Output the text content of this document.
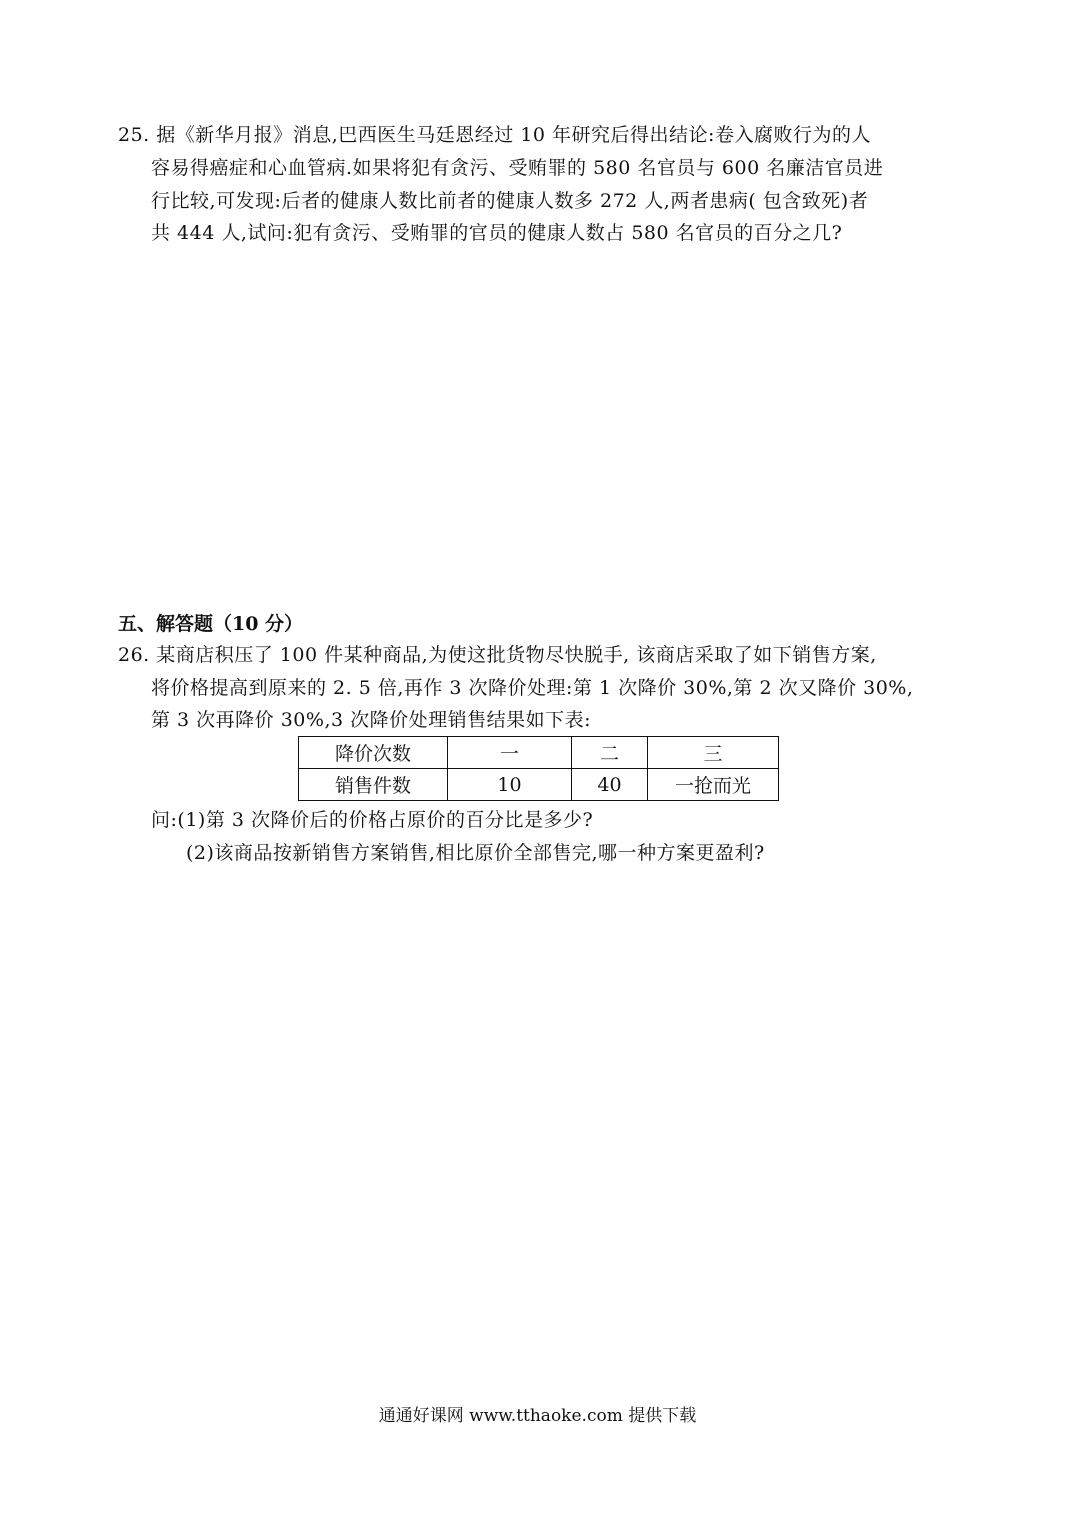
25. 据《新华月报》消息,巴西医生马廷恩经过 10 年研究后得出结论:卷入腐败行为的人
容易得癌症和心血管病.如果将犯有贪污、受贿罪的 580 名官员与 600 名廉洁官员进
行比较,可发现:后者的健康人数比前者的健康人数多 272 人,两者患病( 包含致死)者
共 444 人,试问:犯有贪污、受贿罪的官员的健康人数占 580 名官员的百分之几?
五、解答题（10 分）
26. 某商店积压了 100 件某种商品,为使这批货物尽快脱手, 该商店采取了如下销售方案,
将价格提高到原来的 2. 5 倍,再作 3 次降价处理:第 1 次降价 30%,第 2 次又降价 30%,
第 3 次再降价 30%,3 次降价处理销售结果如下表:
降价次数	一	二	三
销售件数	10	40	一抢而光
问:(1)第 3 次降价后的价格占原价的百分比是多少?
(2)该商品按新销售方案销售,相比原价全部售完,哪一种方案更盈利?
通通好课网 www.tthaoke.com 提供下载
